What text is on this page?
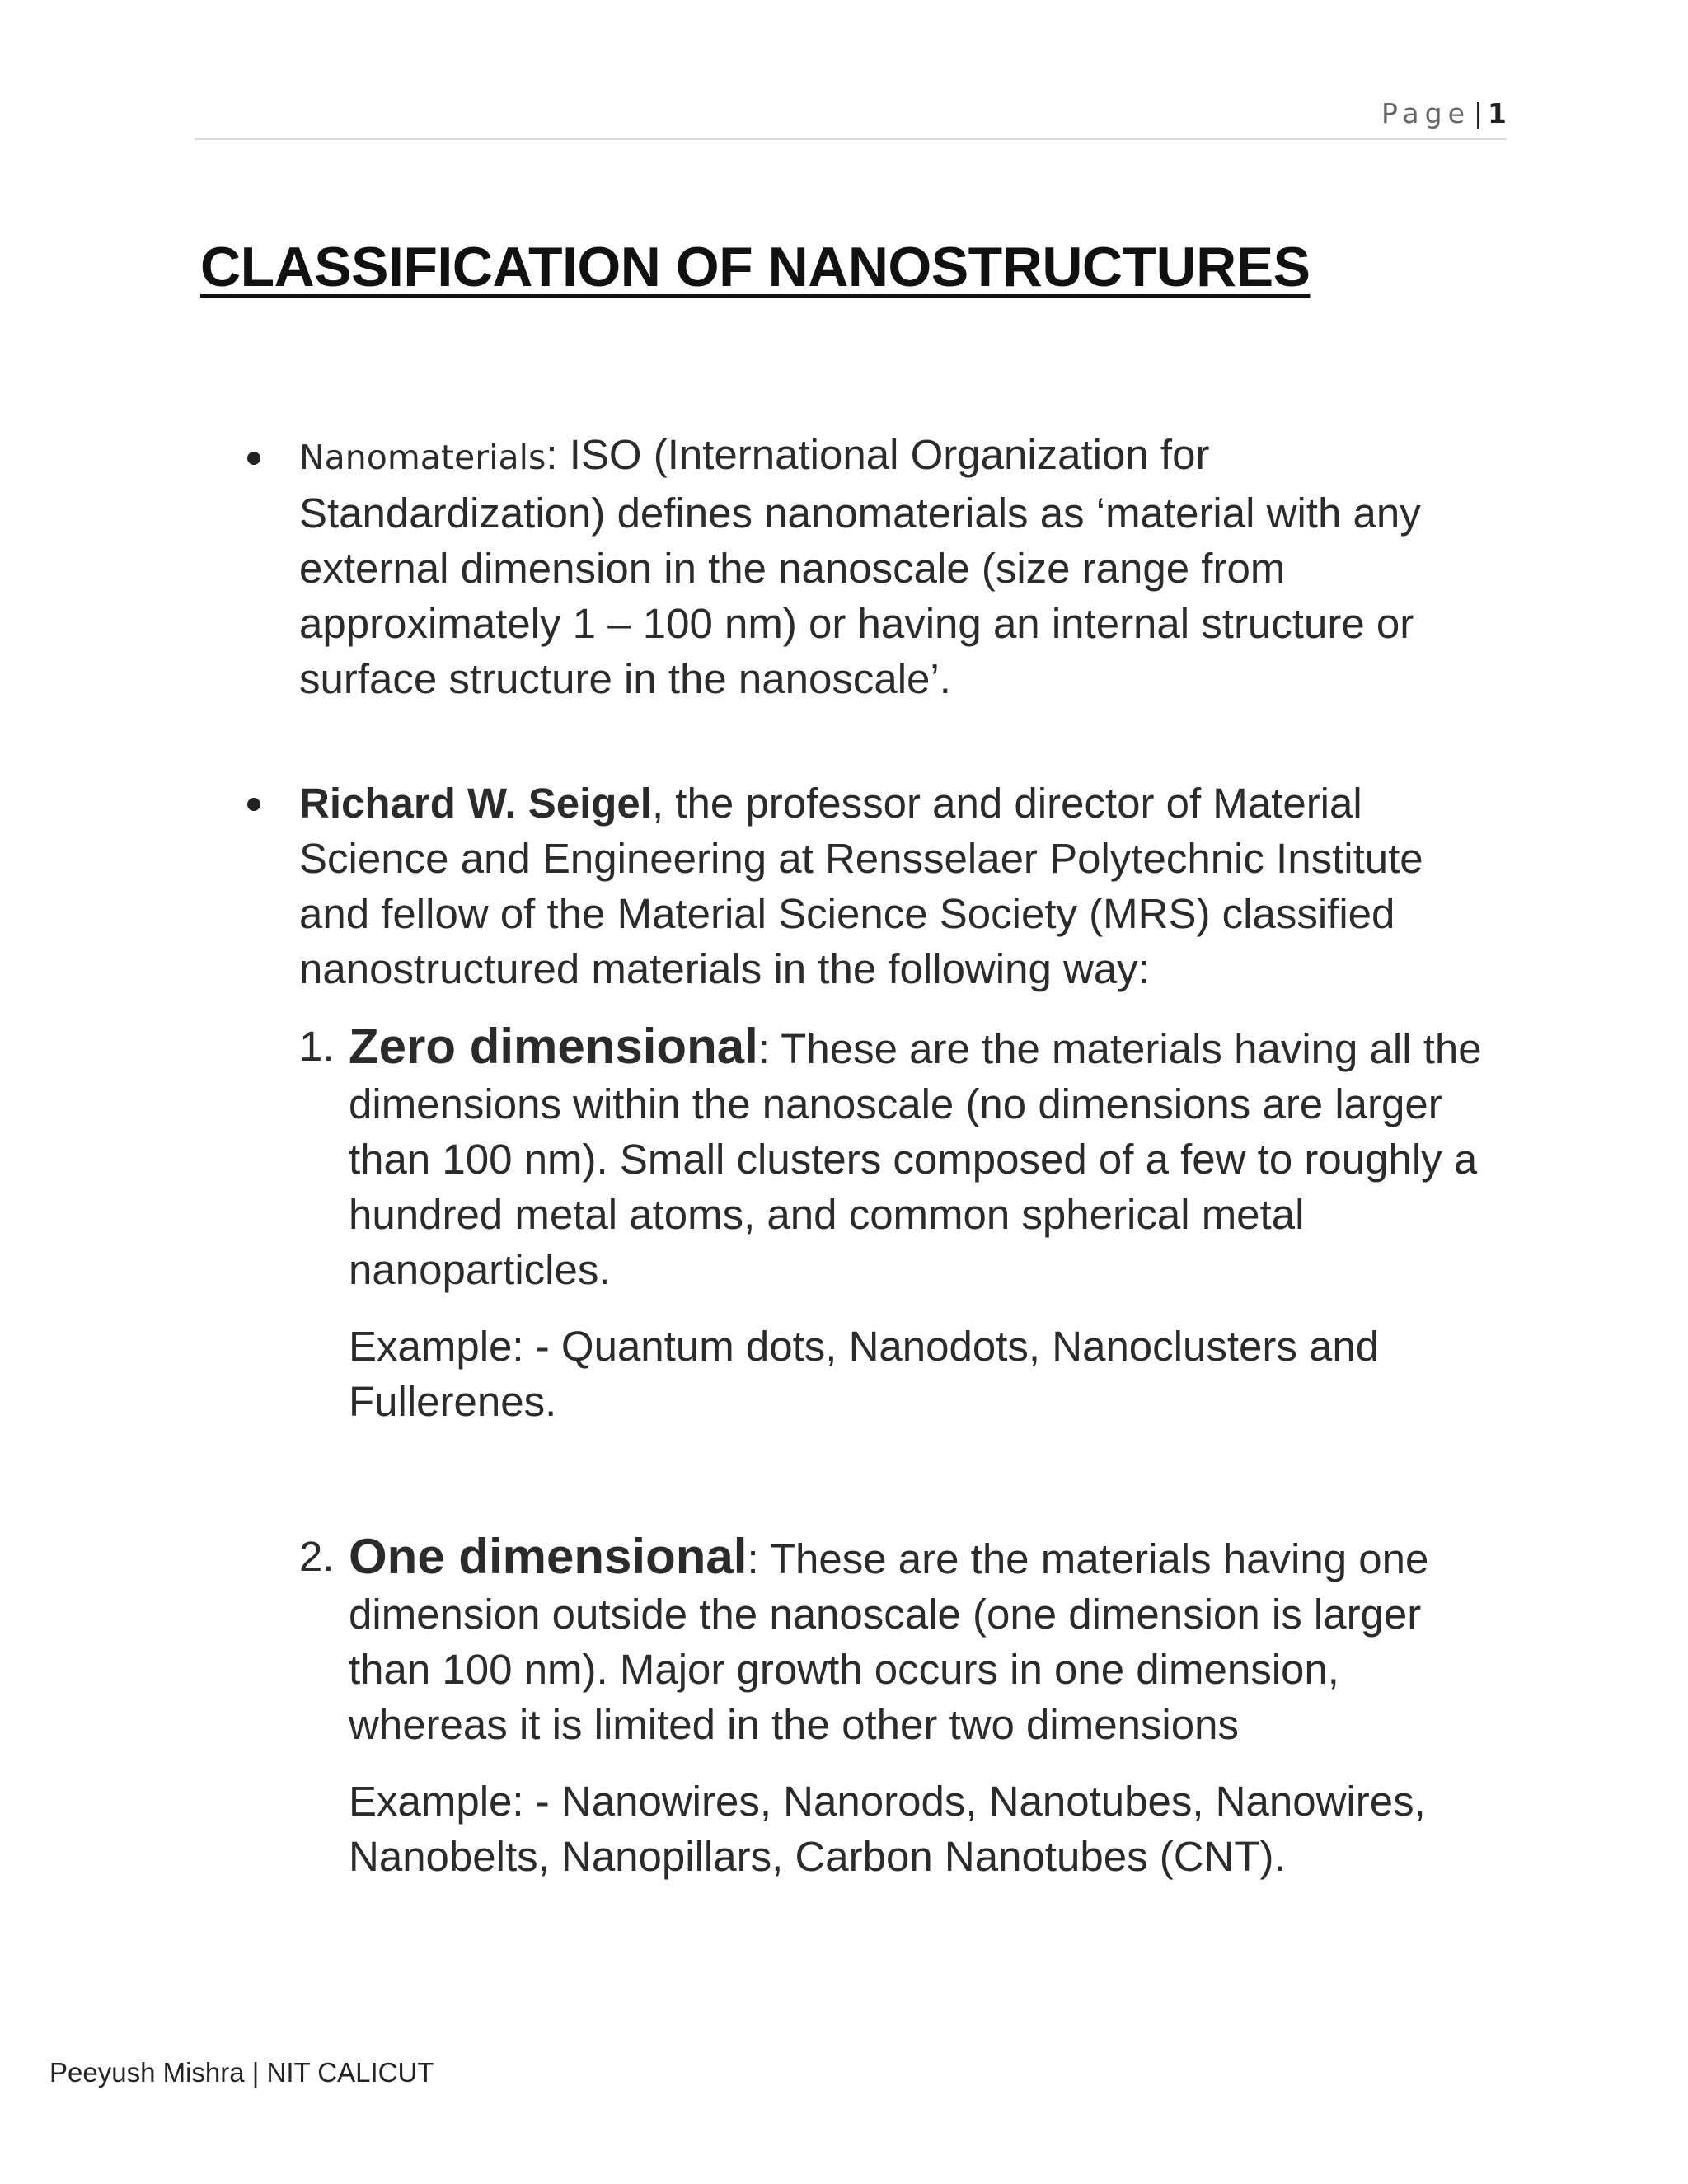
Page | 1
CLASSIFICATION OF NANOSTRUCTURES
Nanomaterials: ISO (International Organization for Standardization) defines nanomaterials as ‘material with any external dimension in the nanoscale (size range from approximately 1 – 100 nm) or having an internal structure or surface structure in the nanoscale’.
Richard W. Seigel, the professor and director of Material Science and Engineering at Rensselaer Polytechnic Institute and fellow of the Material Science Society (MRS) classified nanostructured materials in the following way:
1. Zero dimensional: These are the materials having all the dimensions within the nanoscale (no dimensions are larger than 100 nm). Small clusters composed of a few to roughly a hundred metal atoms, and common spherical metal nanoparticles.
Example: - Quantum dots, Nanodots, Nanoclusters and Fullerenes.
2. One dimensional: These are the materials having one dimension outside the nanoscale (one dimension is larger than 100 nm). Major growth occurs in one dimension, whereas it is limited in the other two dimensions
Example: - Nanowires, Nanorods, Nanotubes, Nanowires, Nanobelts, Nanopillars, Carbon Nanotubes (CNT).
Peeyush Mishra | NIT CALICUT
